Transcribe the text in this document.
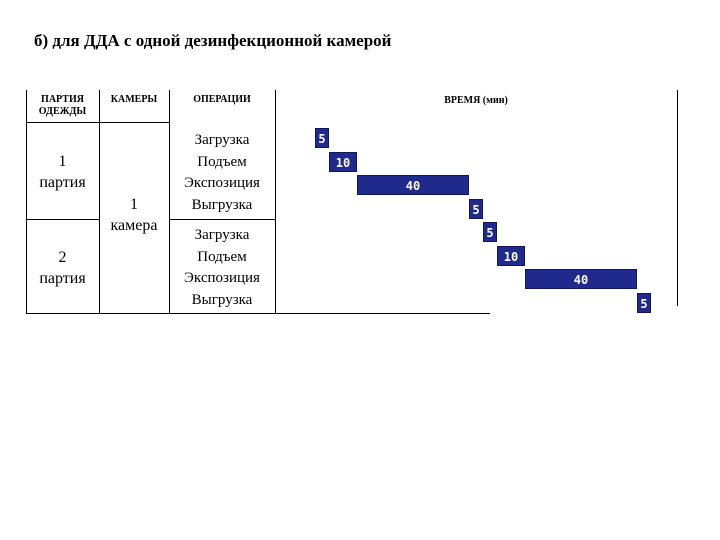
б) для ДДА с одной дезинфекционной камерой
ПАРТИЯ
ОДЕЖДЫ
КАМЕРЫ	ОПЕРАЦИИ	ВРЕМЯ (мин)
1
партия
2
партия
1
камера
Загрузка
Подъем
Экспозиция
Выгрузка
Загрузка
Подъем
Экспозиция
Выгрузка
5
10
40
5
5
10
40
5
